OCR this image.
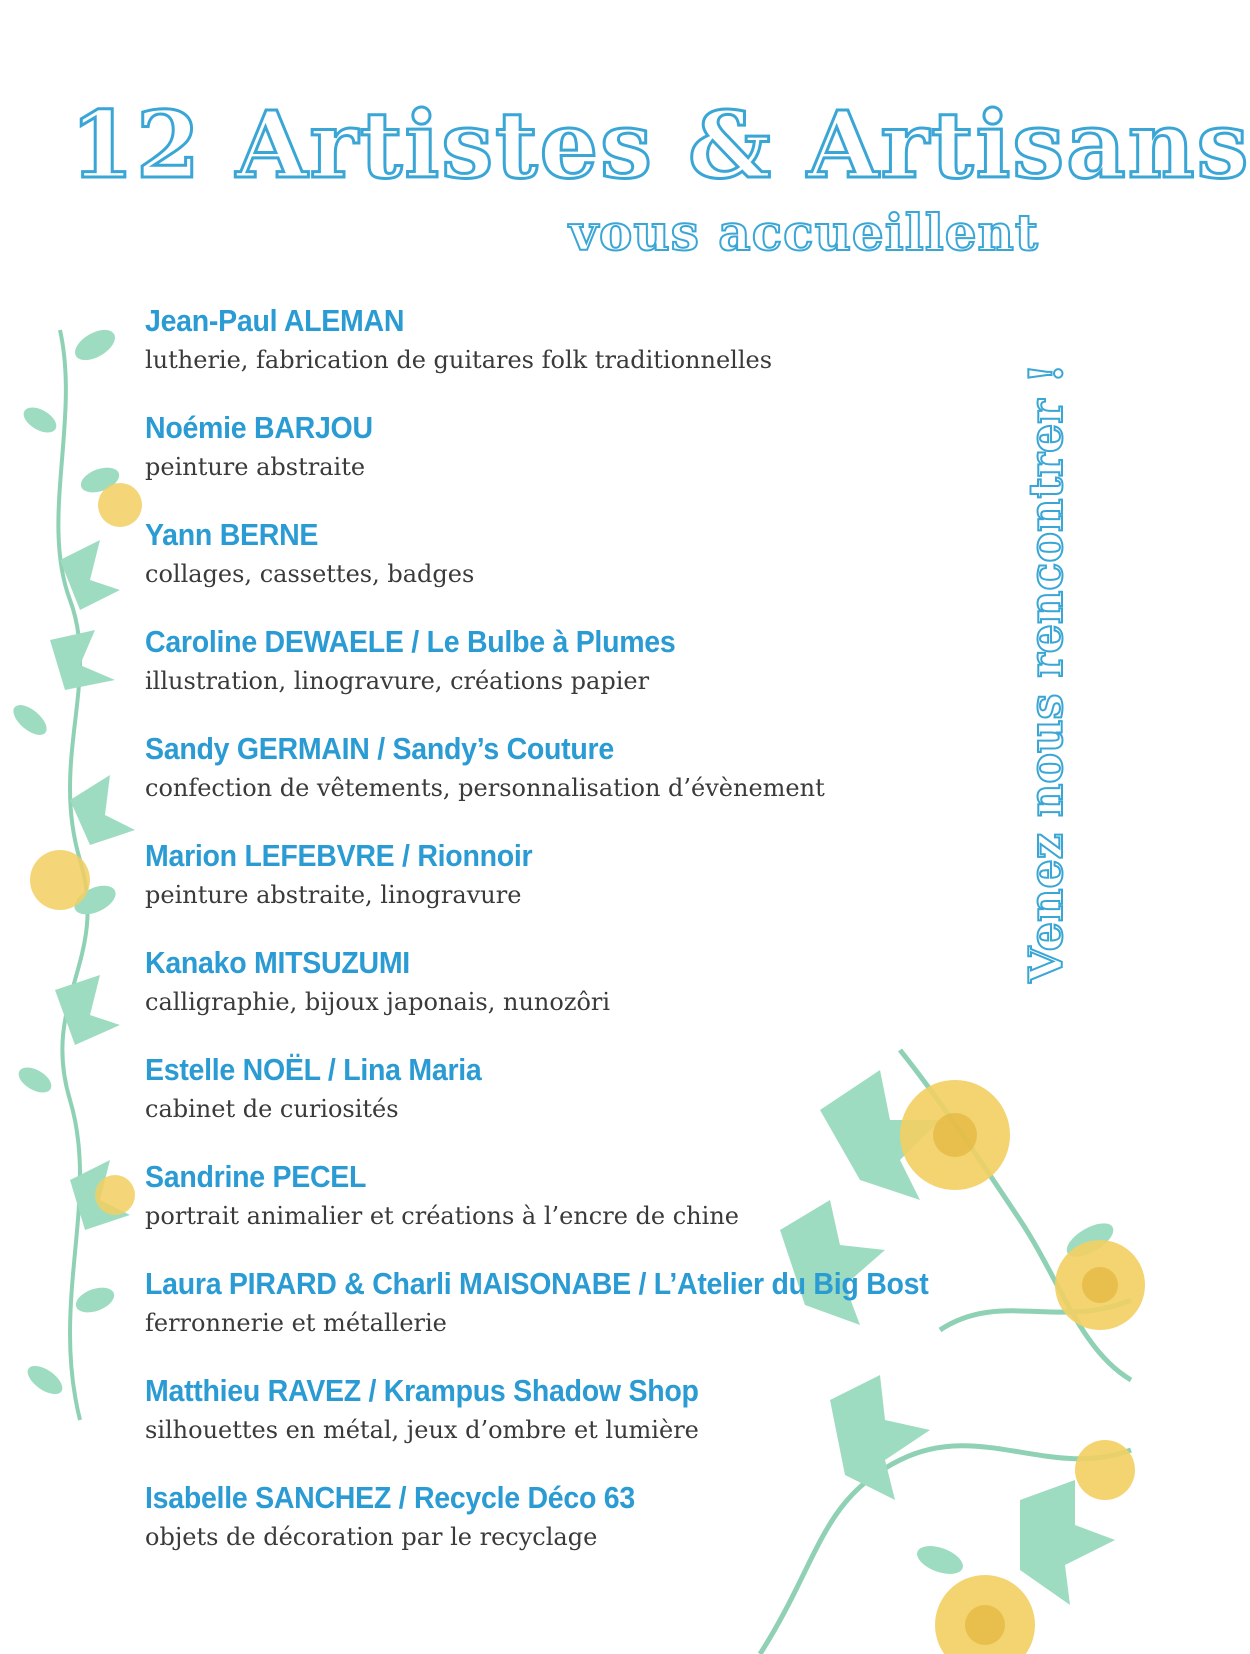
12 Artistes & Artisans
vous accueillent
Venez nous rencontrer !
Jean-Paul ALEMAN
lutherie, fabrication de guitares folk traditionnelles
Noémie BARJOU
peinture abstraite
Yann BERNE
collages, cassettes, badges
Caroline DEWAELE / Le Bulbe à Plumes
illustration, linogravure, créations papier
Sandy GERMAIN / Sandy’s Couture
confection de vêtements, personnalisation d’évènement
Marion LEFEBVRE / Rionnoir
peinture abstraite, linogravure
Kanako MITSUZUMI
calligraphie, bijoux japonais, nunozôri
Estelle NOËL / Lina Maria
cabinet de curiosités
Sandrine PECEL
portrait animalier et créations à l’encre de chine
Laura PIRARD & Charli MAISONABE / L’Atelier du Big Bost
ferronnerie et métallerie
Matthieu RAVEZ / Krampus Shadow Shop
silhouettes en métal, jeux d’ombre et lumière
Isabelle SANCHEZ / Recycle Déco 63
objets de décoration par le recyclage
